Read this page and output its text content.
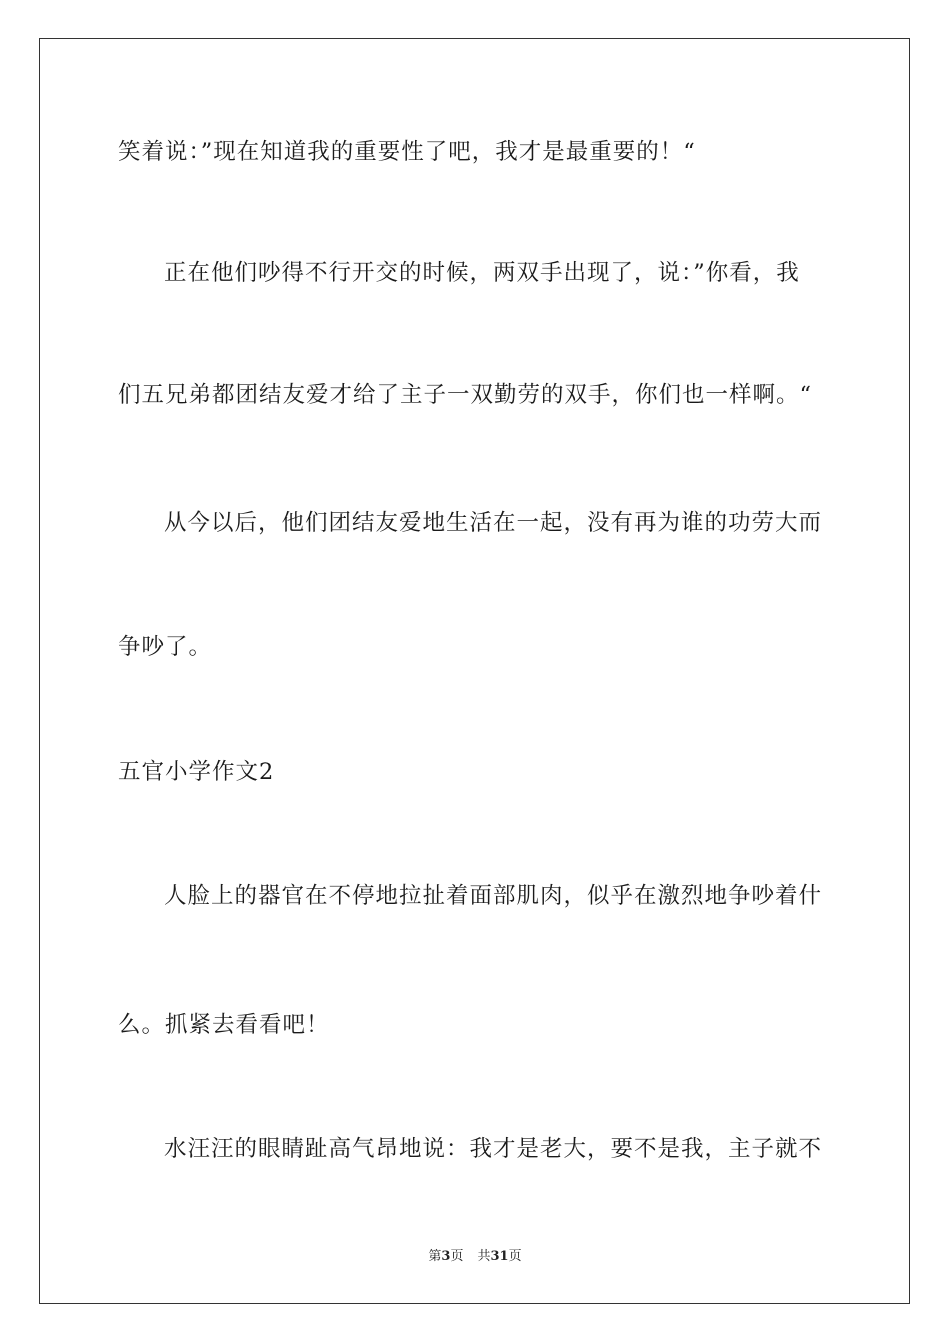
笑着说：”现在知道我的重要性了吧，我才是最重要的！“

正在他们吵得不行开交的时候，两双手出现了，说：”你看，我

们五兄弟都团结友爱才给了主子一双勤劳的双手，你们也一样啊。“

从今以后，他们团结友爱地生活在一起，没有再为谁的功劳大而

争吵了。

五官小学作文2

人脸上的器官在不停地拉扯着面部肌肉，似乎在激烈地争吵着什

么。抓紧去看看吧！

水汪汪的眼睛趾高气昂地说：我才是老大，要不是我，主子就不

第3页 共31页
